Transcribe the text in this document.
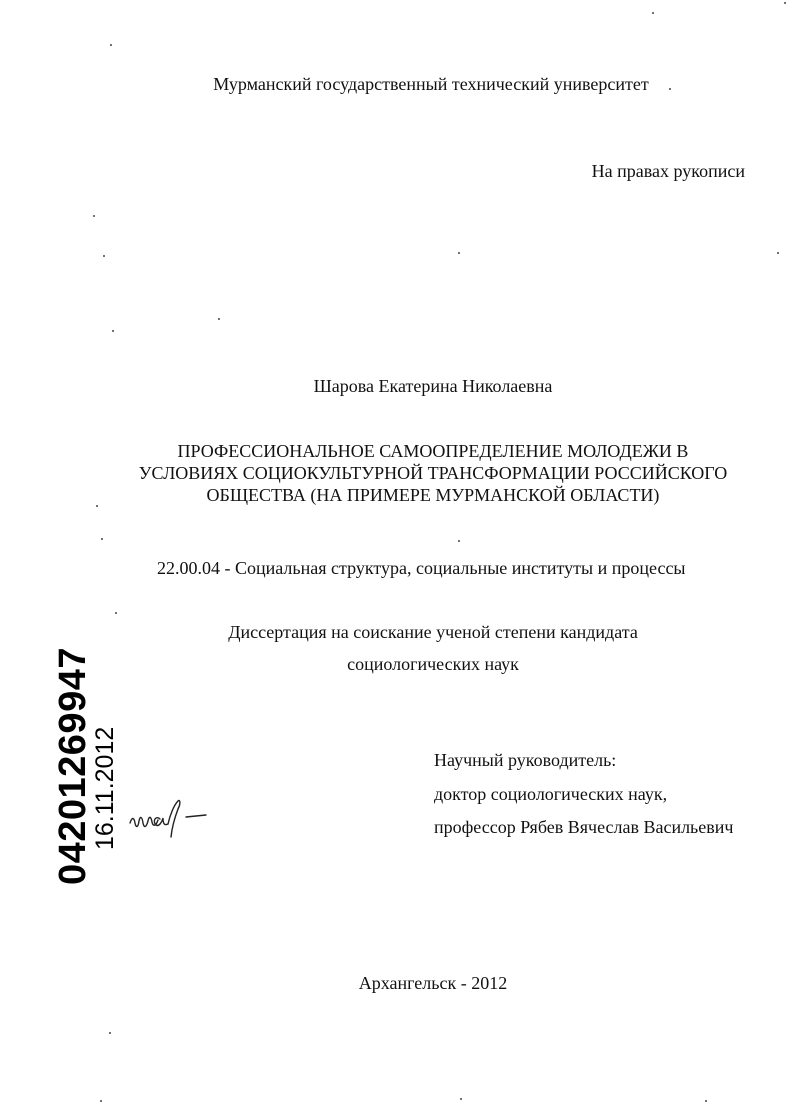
Мурманский государственный технический университет
На правах рукописи
Шарова Екатерина Николаевна
ПРОФЕССИОНАЛЬНОЕ САМООПРЕДЕЛЕНИЕ МОЛОДЕЖИ В
УСЛОВИЯХ СОЦИОКУЛЬТУРНОЙ ТРАНСФОРМАЦИИ РОССИЙСКОГО
ОБЩЕСТВА (НА ПРИМЕРЕ МУРМАНСКОЙ ОБЛАСТИ)
22.00.04 - Социальная структура, социальные институты и процессы
Диссертация на соискание ученой степени кандидата
социологических наук
Научный руководитель:
доктор социологических наук,
профессор Рябев Вячеслав Васильевич
Архангельск - 2012
04201269947
16.11.2012
